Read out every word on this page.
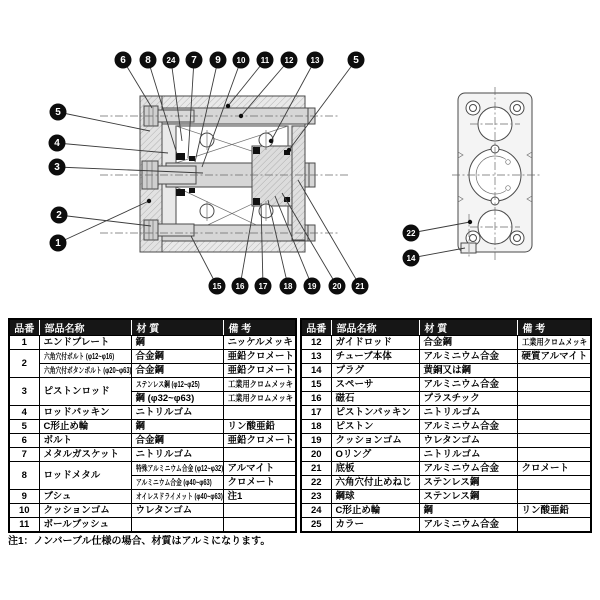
6 8 24 7 9 10 11 12 13	5
5
4
3
2
1
15 16 17 18 19 20 21
22
14
品番	部品名称	材 質	備 考
1	エンドプレート	鋼	ニッケルメッキ
2	六角穴付ボルト (φ12~φ16)	合金鋼	亜鉛クロメート
	六角穴付ボタンボルト (φ20~φ63)	合金鋼	亜鉛クロメート
3	ピストンロッド	ステンレス鋼 (φ12~φ25)	工業用クロムメッキ
		鋼 (φ32~φ63)	工業用クロムメッキ
4	ロッドパッキン	ニトリルゴム	
5	C形止め輪	鋼	リン酸亜鉛
6	ボルト	合金鋼	亜鉛クロメート
7	メタルガスケット	ニトリルゴム	
8	ロッドメタル	特殊アルミニウム合金 (φ12~φ32)	アルマイト
		アルミニウム合金 (φ40~φ63)	クロメート
9	ブシュ	オイレスドライメット (φ40~φ63)	注1
10	クッションゴム	ウレタンゴム	
11	ボールブッシュ		
品番	部品名称	材 質	備 考
12	ガイドロッド	合金鋼	工業用クロムメッキ
13	チューブ本体	アルミニウム合金	硬質アルマイト
14	プラグ	黄銅又は鋼	
15	スペーサ	アルミニウム合金	
16	磁石	プラスチック	
17	ピストンパッキン	ニトリルゴム	
18	ピストン	アルミニウム合金	
19	クッションゴム	ウレタンゴム	
20	Oリング	ニトリルゴム	
21	底板	アルミニウム合金	クロメート
22	六角穴付止めねじ	ステンレス鋼	
23	鋼球	ステンレス鋼	
24	C形止め輪	鋼	リン酸亜鉛
25	カラー	アルミニウム合金	
注1：ノンバーブル仕様の場合、材質はアルミになります。
